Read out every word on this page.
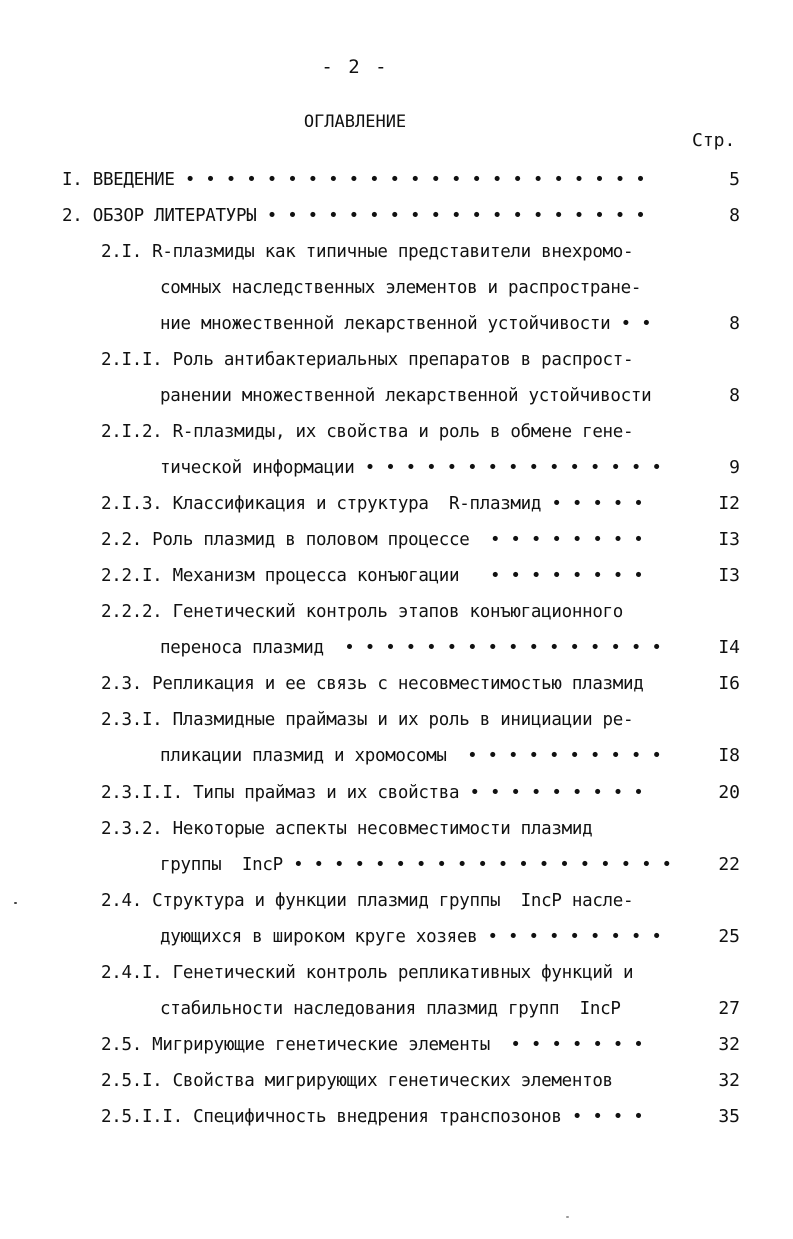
- 2 -
ОГЛАВЛЕНИЕ
Стр.
I. ВВЕДЕНИЕ • • • • • • • • • • • • • • • • • • • • • • •	5
2. ОБЗОР ЛИТЕРАТУРЫ • • • • • • • • • • • • • • • • • • •	8
2.I. R-плазмиды как типичные представители внехромо-
сомных наследственных элементов и распростране-
ние множественной лекарственной устойчивости • •	8
2.I.I. Роль антибактериальных препаратов в распрост-
ранении множественной лекарственной устойчивости	8
2.I.2. R-плазмиды, их свойства и роль в обмене гене-
тической информации • • • • • • • • • • • • • • •	9
2.I.3. Классификация и структура  R-плазмид • • • • •	I2
2.2. Роль плазмид в половом процессе  • • • • • • • •	I3
2.2.I. Механизм процесса конъюгации   • • • • • • • •	I3
2.2.2. Генетический контроль этапов конъюгационного
переноса плазмид  • • • • • • • • • • • • • • • •	I4
2.3. Репликация и ее связь с несовместимостью плазмид	I6
2.3.I. Плазмидные праймазы и их роль в инициации ре-
пликации плазмид и хромосомы  • • • • • • • • • •	I8
2.3.I.I. Типы праймаз и их свойства • • • • • • • • •	20
2.3.2. Некоторые аспекты несовместимости плазмид
группы  IncP • • • • • • • • • • • • • • • • • • •	22
2.4. Структура и функции плазмид группы  IncP насле-
дующихся в широком круге хозяев • • • • • • • • •	25
2.4.I. Генетический контроль репликативных функций и
стабильности наследования плазмид групп  IncP	27
2.5. Мигрирующие генетические элементы  • • • • • • •	32
2.5.I. Свойства мигрирующих генетических элементов	32
2.5.I.I. Специфичность внедрения транспозонов • • • •	35
